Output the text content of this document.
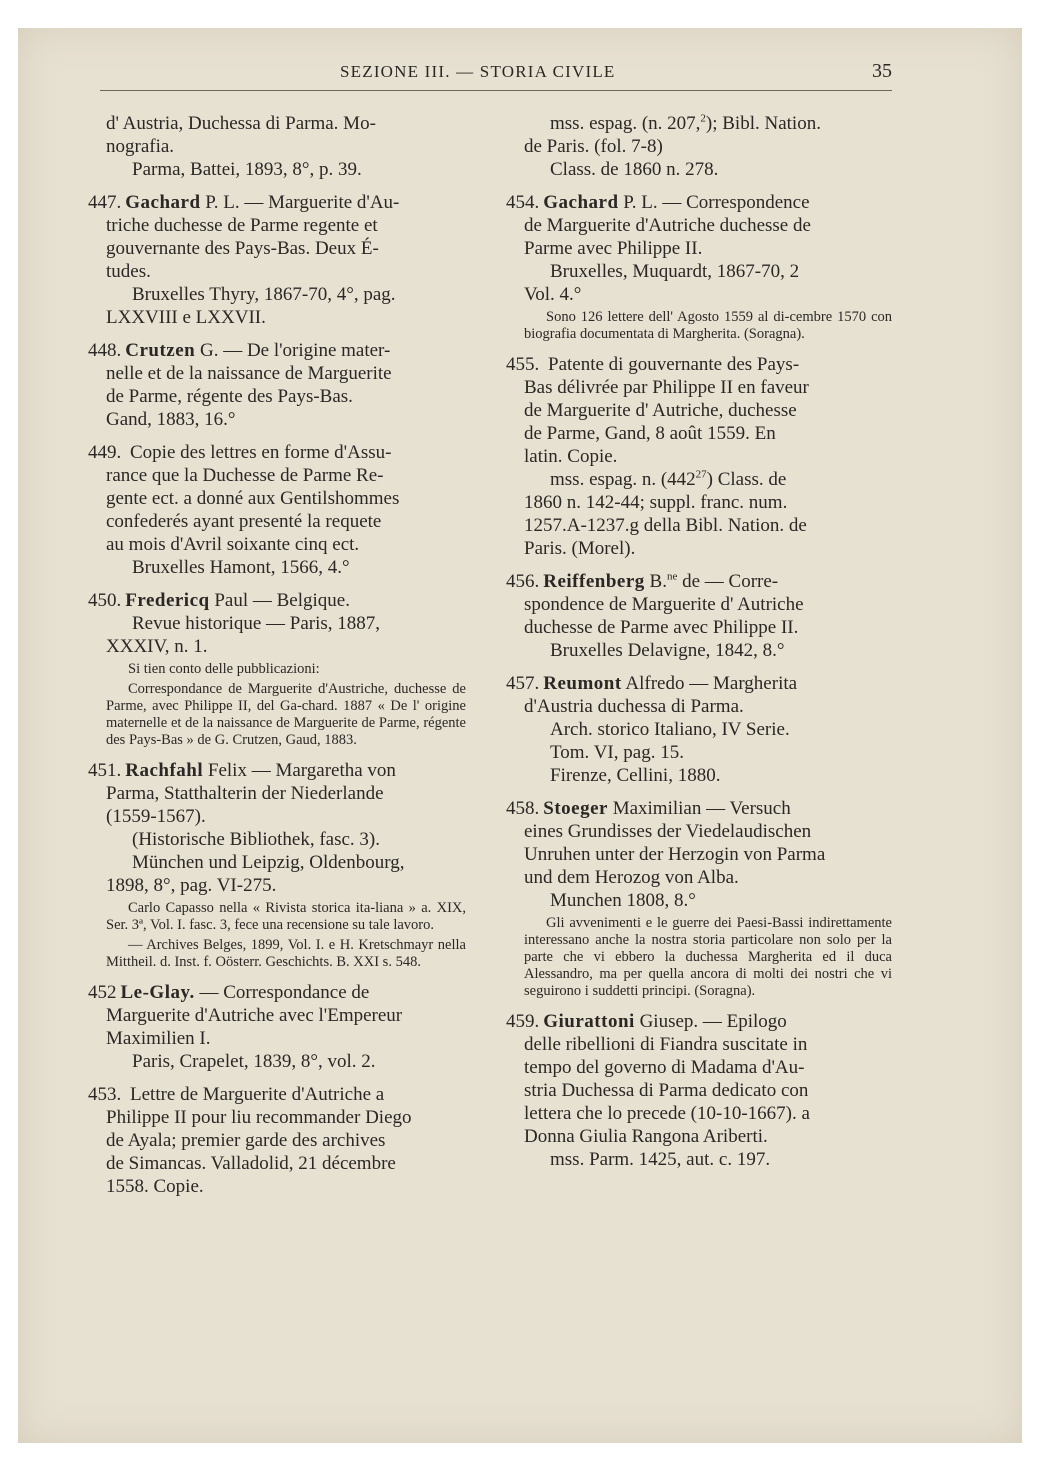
SEZIONE III. — STORIA CIVILE	35
d' Austria, Duchessa di Parma. Mo-
nografia.
Parma, Battei, 1893, 8°, p. 39.
447. Gachard P. L. — Marguerite d'Au-
triche duchesse de Parme regente et
gouvernante des Pays-Bas. Deux É-
tudes.
Bruxelles Thyry, 1867-70, 4°, pag.
LXXVIII e LXXVII.
448. Crutzen G. — De l'origine mater-
nelle et de la naissance de Marguerite
de Parme, régente des Pays-Bas.
Gand, 1883, 16.°
449. Copie des lettres en forme d'Assu-
rance que la Duchesse de Parme Re-
gente ect. a donné aux Gentilshommes
confederés ayant presenté la requete
au mois d'Avril soixante cinq ect.
Bruxelles Hamont, 1566, 4.°
450. Fredericq Paul — Belgique.
Revue historique — Paris, 1887,
XXXIV, n. 1.
Si tien conto delle pubblicazioni:
Correspondance de Marguerite d'Austriche, duchesse de Parme, avec Philippe II, del Ga-chard. 1887 « De l' origine maternelle et de la naissance de Marguerite de Parme, régente des Pays-Bas » de G. Crutzen, Gaud, 1883.
451. Rachfahl Felix — Margaretha von
Parma, Statthalterin der Niederlande
(1559-1567).
(Historische Bibliothek, fasc. 3).
München und Leipzig, Oldenbourg,
1898, 8°, pag. VI-275.
Carlo Capasso nella « Rivista storica ita-liana » a. XIX, Ser. 3ª, Vol. I. fasc. 3, fece una recensione su tale lavoro.
— Archives Belges, 1899, Vol. I. e H. Kretschmayr nella Mittheil. d. Inst. f. Oösterr. Geschichts. B. XXI s. 548.
452 Le-Glay. — Correspondance de
Marguerite d'Autriche avec l'Empereur
Maximilien I.
Paris, Crapelet, 1839, 8°, vol. 2.
453. Lettre de Marguerite d'Autriche a
Philippe II pour liu recommander Diego
de Ayala; premier garde des archives
de Simancas. Valladolid, 21 décembre
1558. Copie.
mss. espag. (n. 207,$^2$); Bibl. Nation.
de Paris. (fol. 7-8)
Class. de 1860 n. 278.
454. Gachard P. L. — Correspondence
de Marguerite d'Autriche duchesse de
Parme avec Philippe II.
Bruxelles, Muquardt, 1867-70, 2
Vol. 4.°
Sono 126 lettere dell' Agosto 1559 al di-cembre 1570 con biografia documentata di Margherita. (Soragna).
455. Patente di gouvernante des Pays-
Bas délivrée par Philippe II en faveur
de Marguerite d' Autriche, duchesse
de Parme, Gand, 8 août 1559. En
latin. Copie.
mss. espag. n. $(442^{27})$ Class. de
1860 n. 142-44; suppl. franc. num.
1257.A-1237.g della Bibl. Nation. de
Paris. (Morel).
456. Reiffenberg B.$^{ne}$ de — Corre-
spondence de Marguerite d' Autriche
duchesse de Parme avec Philippe II.
Bruxelles Delavigne, 1842, 8.°
457. Reumont Alfredo — Margherita
d'Austria duchessa di Parma.
Arch. storico Italiano, IV Serie.
Tom. VI, pag. 15.
Firenze, Cellini, 1880.
458. Stoeger Maximilian — Versuch
eines Grundisses der Viedelaudischen
Unruhen unter der Herzogin von Parma
und dem Herozog von Alba.
Munchen 1808, 8.°
Gli avvenimenti e le guerre dei Paesi-Bassi indirettamente interessano anche la nostra storia particolare non solo per la parte che vi ebbero la duchessa Margherita ed il duca Alessandro, ma per quella ancora di molti dei nostri che vi seguirono i suddetti principi. (Soragna).
459. Giurattoni Giusep. — Epilogo
delle ribellioni di Fiandra suscitate in
tempo del governo di Madama d'Au-
stria Duchessa di Parma dedicato con
lettera che lo precede (10-10-1667). a
Donna Giulia Rangona Ariberti.
mss. Parm. 1425, aut. c. 197.
